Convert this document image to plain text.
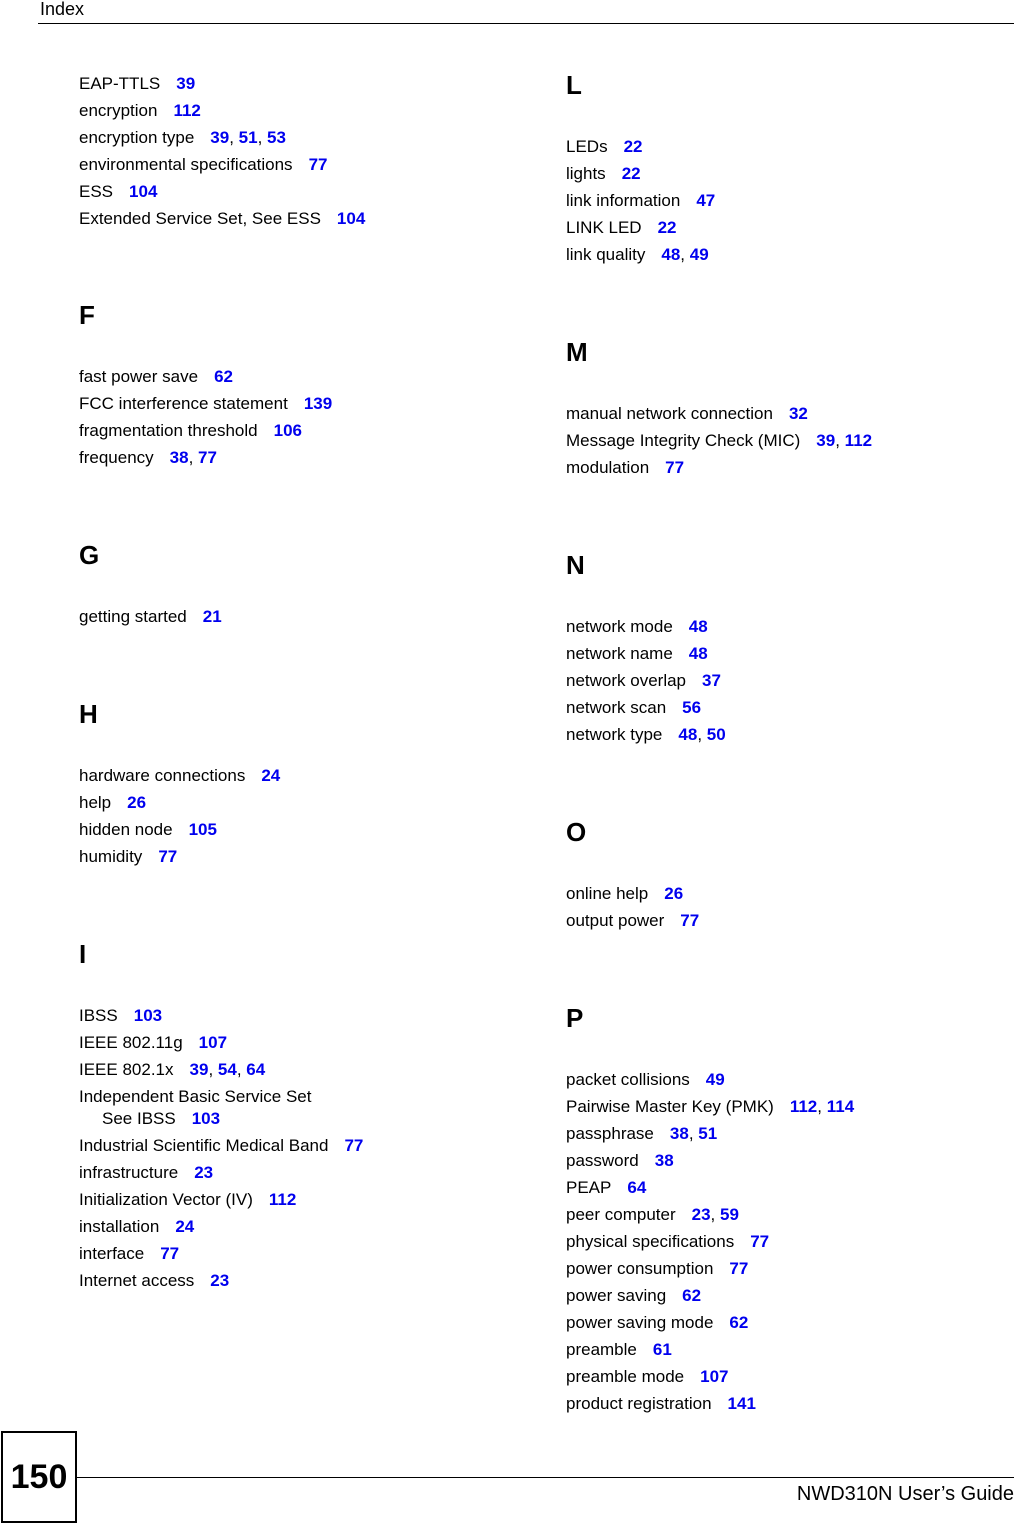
Index
EAP-TTLS 39
encryption 112
encryption type 39, 51, 53
environmental specifications 77
ESS 104
Extended Service Set, See ESS 104
F
fast power save 62
FCC interference statement 139
fragmentation threshold 106
frequency 38, 77
G
getting started 21
H
hardware connections 24
help 26
hidden node 105
humidity 77
I
IBSS 103
IEEE 802.11g 107
IEEE 802.1x 39, 54, 64
Independent Basic Service Set
See IBSS 103
Industrial Scientific Medical Band 77
infrastructure 23
Initialization Vector (IV) 112
installation 24
interface 77
Internet access 23
L
LEDs 22
lights 22
link information 47
LINK LED 22
link quality 48, 49
M
manual network connection 32
Message Integrity Check (MIC) 39, 112
modulation 77
N
network mode 48
network name 48
network overlap 37
network scan 56
network type 48, 50
O
online help 26
output power 77
P
packet collisions 49
Pairwise Master Key (PMK) 112, 114
passphrase 38, 51
password 38
PEAP 64
peer computer 23, 59
physical specifications 77
power consumption 77
power saving 62
power saving mode 62
preamble 61
preamble mode 107
product registration 141
150	NWD310N User’s Guide
